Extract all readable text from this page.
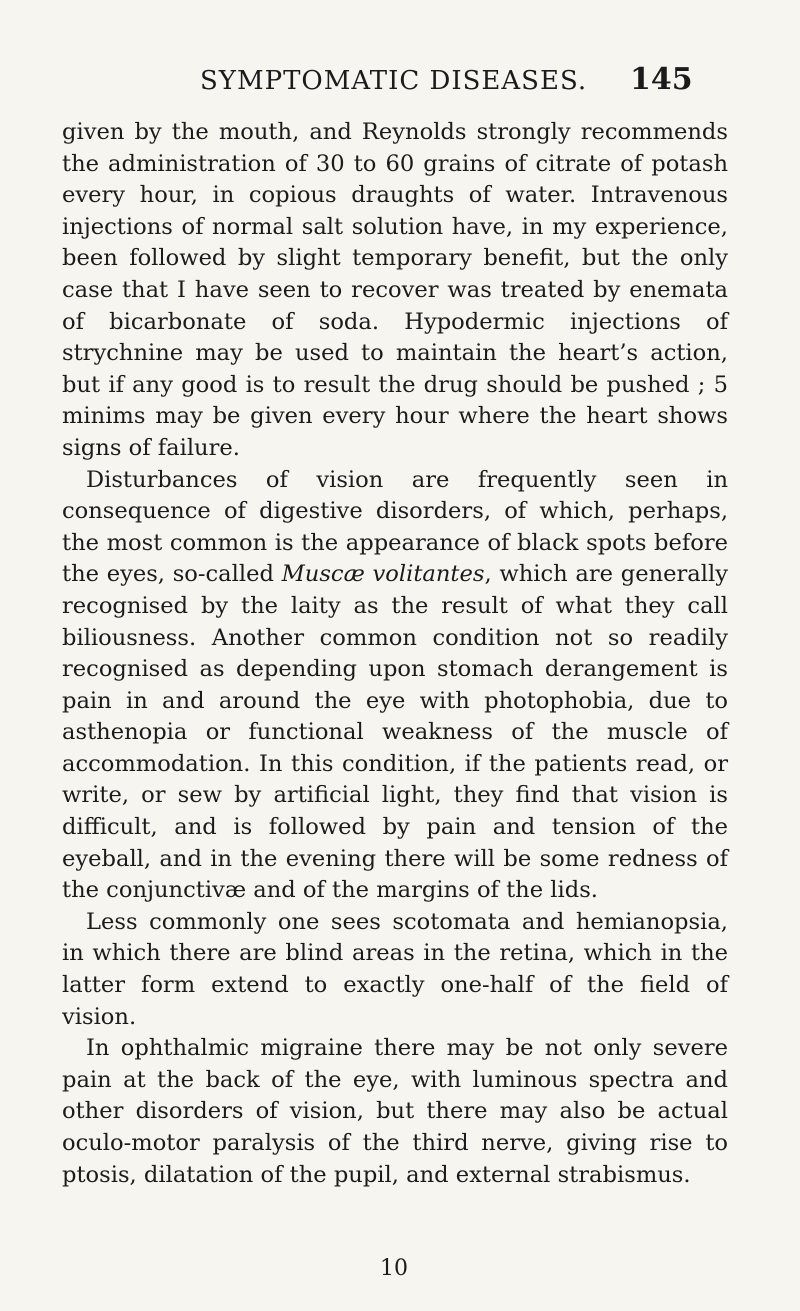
SYMPTOMATIC DISEASES. 145

given by the mouth, and Reynolds strongly recommends the administration of 30 to 60 grains of citrate of potash every hour, in copious draughts of water. Intravenous injections of normal salt solution have, in my experience, been followed by slight temporary benefit, but the only case that I have seen to recover was treated by enemata of bicarbonate of soda. Hypodermic injections of strychnine may be used to maintain the heart’s action, but if any good is to result the drug should be pushed ; 5 minims may be given every hour where the heart shows signs of failure.

Disturbances of vision are frequently seen in consequence of digestive disorders, of which, perhaps, the most common is the appearance of black spots before the eyes, so-called Muscæ volitantes, which are generally recognised by the laity as the result of what they call biliousness. Another common condition not so readily recognised as depending upon stomach derangement is pain in and around the eye with photophobia, due to asthenopia or functional weakness of the muscle of accommodation. In this condition, if the patients read, or write, or sew by artificial light, they find that vision is difficult, and is followed by pain and tension of the eyeball, and in the evening there will be some redness of the conjunctivæ and of the margins of the lids.

Less commonly one sees scotomata and hemianopsia, in which there are blind areas in the retina, which in the latter form extend to exactly one-half of the field of vision.

In ophthalmic migraine there may be not only severe pain at the back of the eye, with luminous spectra and other disorders of vision, but there may also be actual oculo-motor paralysis of the third nerve, giving rise to ptosis, dilatation of the pupil, and external strabismus.

10
